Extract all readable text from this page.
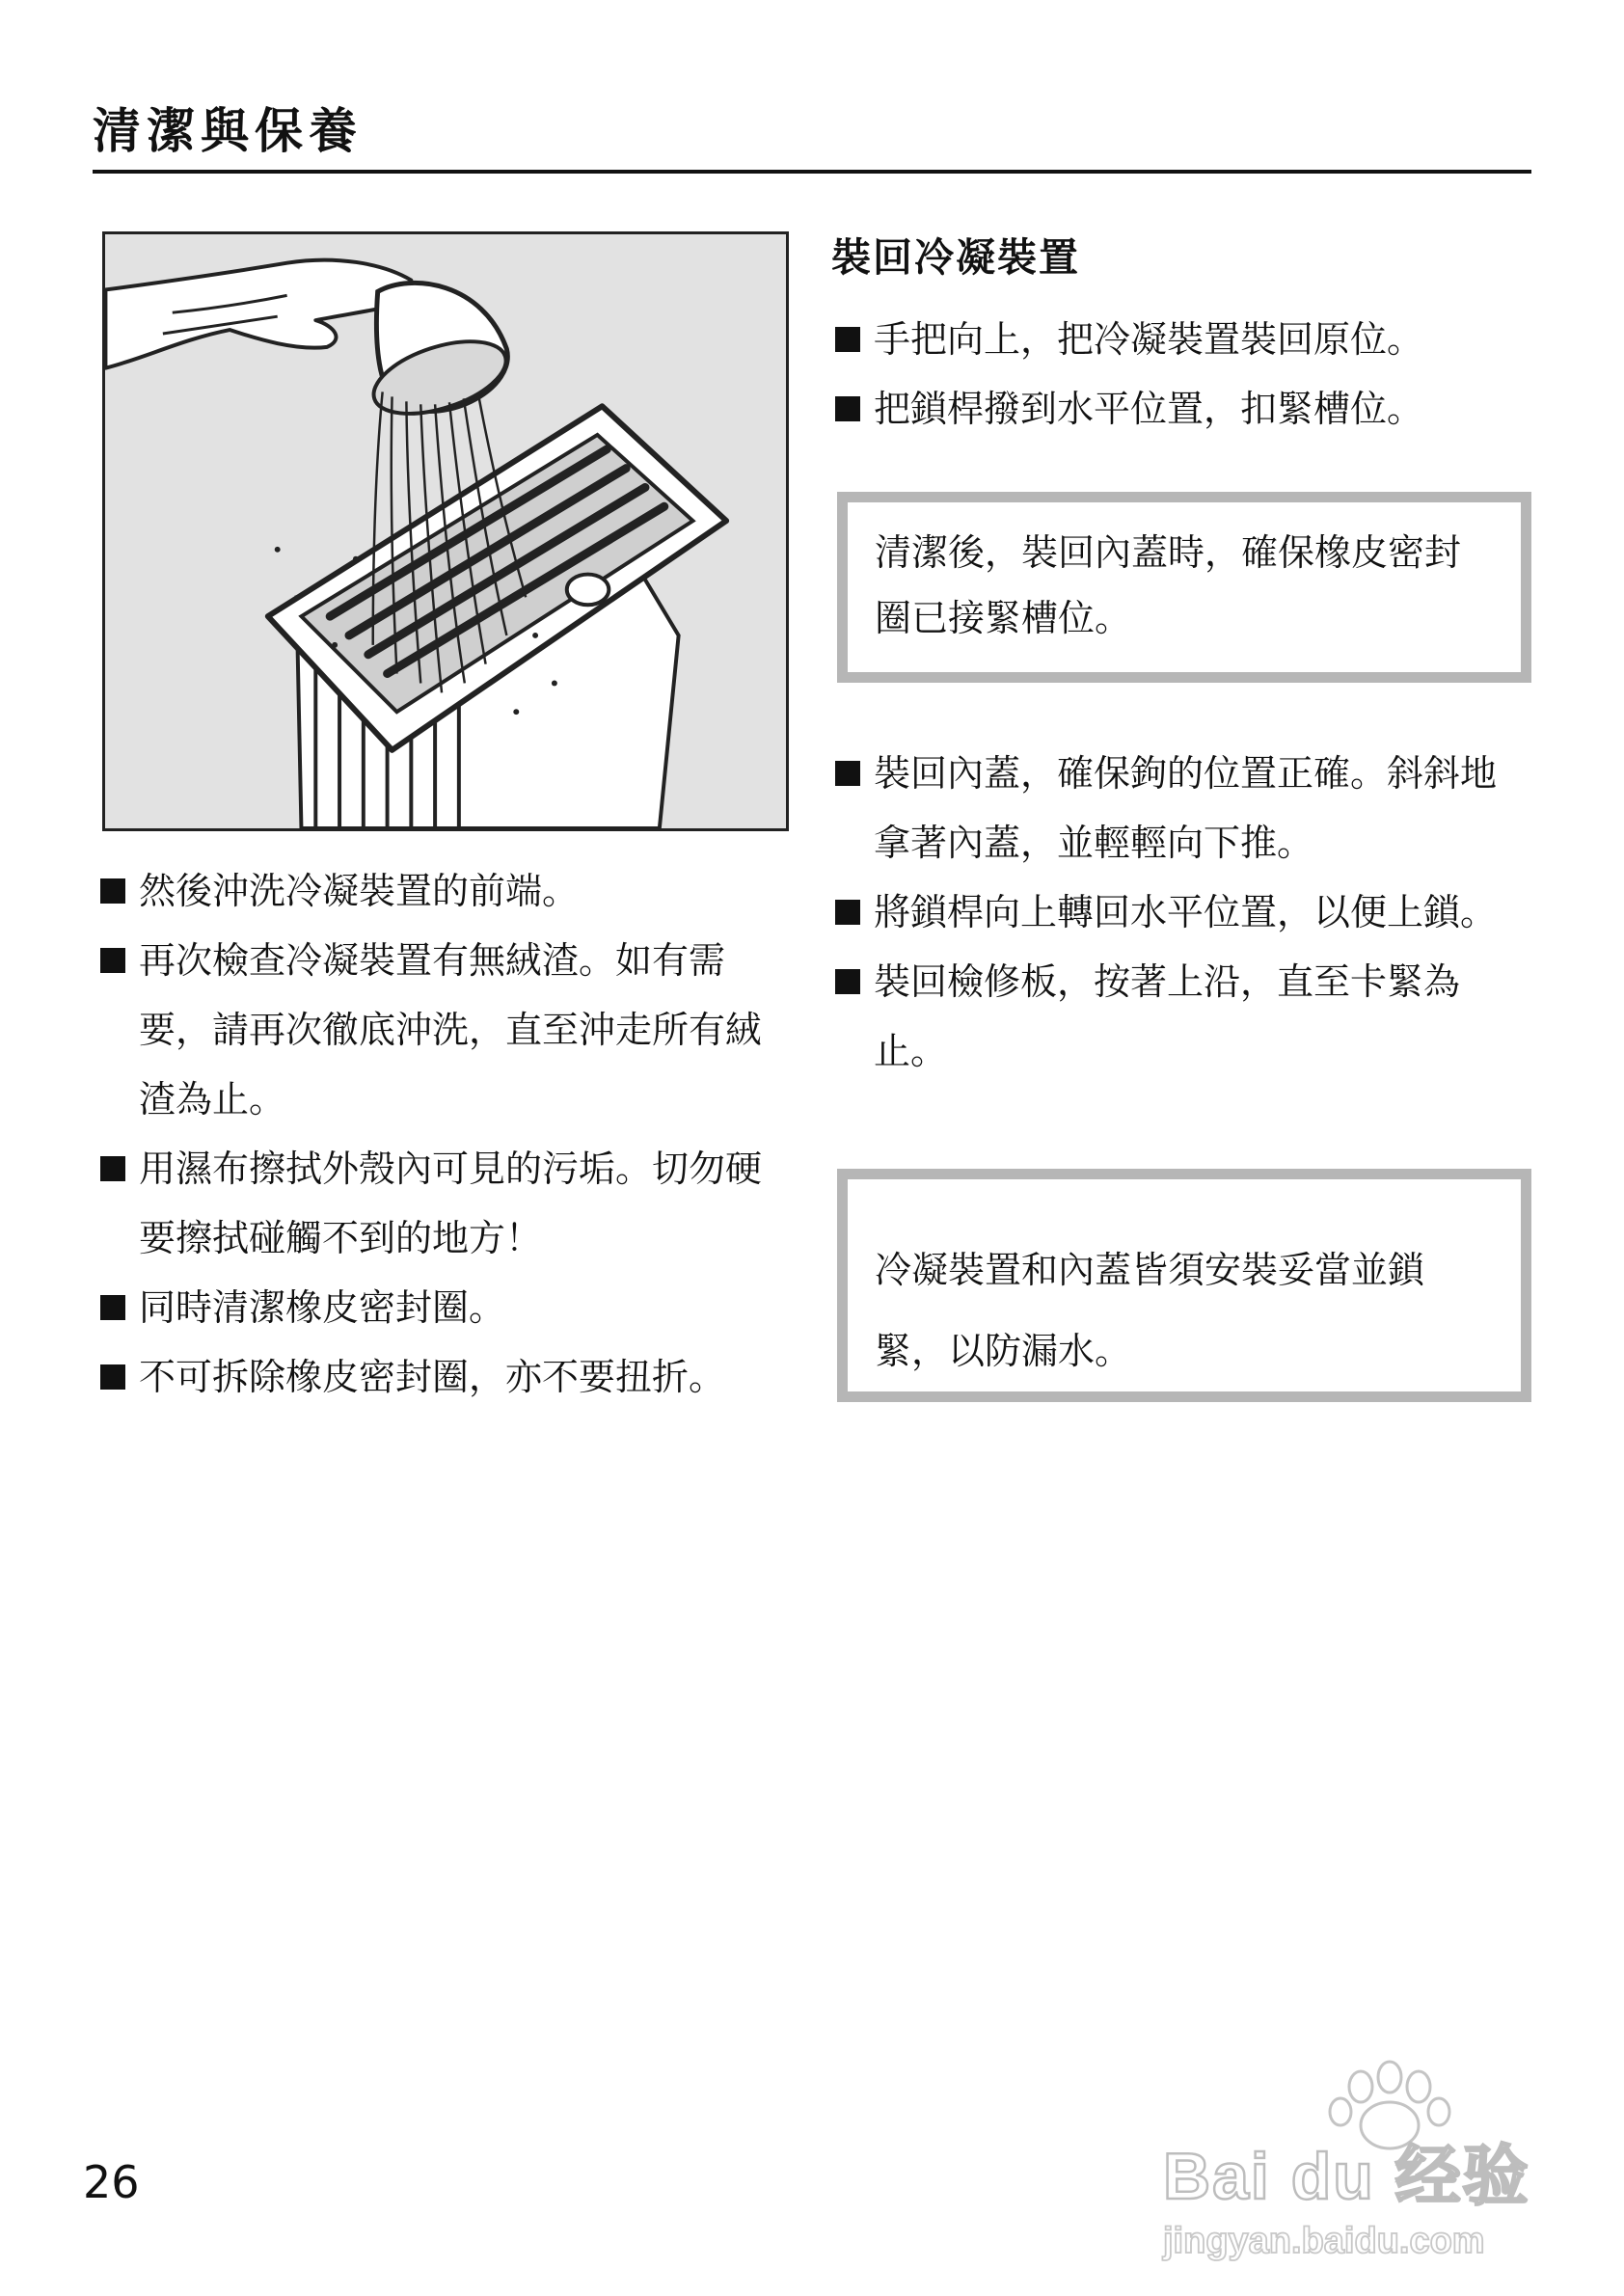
清潔與保養
然後沖洗冷凝裝置的前端。
再次檢查冷凝裝置有無絨渣。如有需要，請再次徹底沖洗，直至沖走所有絨渣為止。
用濕布擦拭外殼內可見的污垢。切勿硬要擦拭碰觸不到的地方！
同時清潔橡皮密封圈。
不可拆除橡皮密封圈，亦不要扭折。
裝回冷凝裝置
手把向上，把冷凝裝置裝回原位。
把鎖桿撥到水平位置，扣緊槽位。
清潔後，裝回內蓋時，確保橡皮密封圈已接緊槽位。
裝回內蓋，確保鉤的位置正確。斜斜地拿著內蓋，並輕輕向下推。
將鎖桿向上轉回水平位置，以便上鎖。
裝回檢修板，按著上沿，直至卡緊為止。
冷凝裝置和內蓋皆須安裝妥當並鎖緊，以防漏水。
26	Bai du 经验
jingyan.baidu.com
